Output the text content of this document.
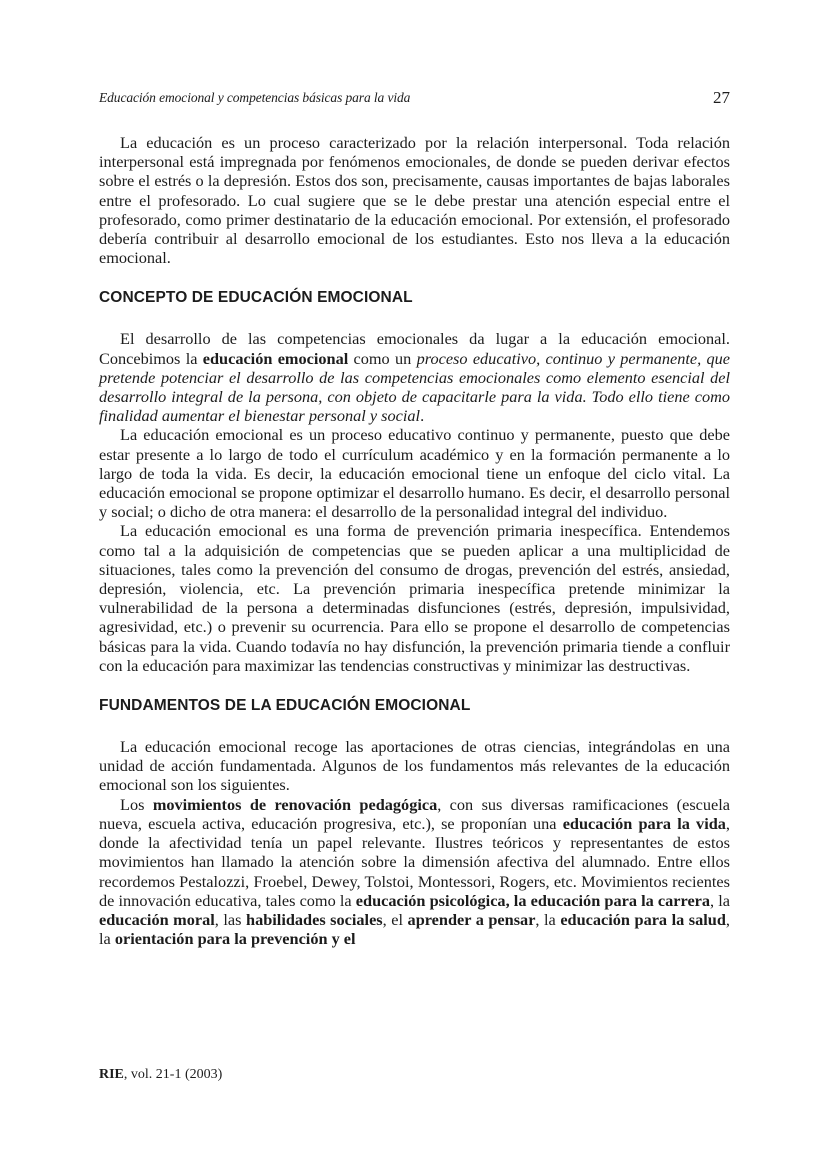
Educación emocional y competencias básicas para la vida	27

La educación es un proceso caracterizado por la relación interpersonal. Toda relación interpersonal está impregnada por fenómenos emocionales, de donde se pueden derivar efectos sobre el estrés o la depresión. Estos dos son, precisamente, causas importantes de bajas laborales entre el profesorado. Lo cual sugiere que se le debe prestar una atención especial entre el profesorado, como primer destinatario de la educación emocional. Por extensión, el profesorado debería contribuir al desarrollo emocional de los estudiantes. Esto nos lleva a la educación emocional.

CONCEPTO DE EDUCACIÓN EMOCIONAL

El desarrollo de las competencias emocionales da lugar a la educación emocional. Concebimos la educación emocional como un proceso educativo, continuo y permanente, que pretende potenciar el desarrollo de las competencias emocionales como elemento esencial del desarrollo integral de la persona, con objeto de capacitarle para la vida. Todo ello tiene como finalidad aumentar el bienestar personal y social.

La educación emocional es un proceso educativo continuo y permanente, puesto que debe estar presente a lo largo de todo el currículum académico y en la formación permanente a lo largo de toda la vida. Es decir, la educación emocional tiene un enfoque del ciclo vital. La educación emocional se propone optimizar el desarrollo humano. Es decir, el desarrollo personal y social; o dicho de otra manera: el desarrollo de la personalidad integral del individuo.

La educación emocional es una forma de prevención primaria inespecífica. Entendemos como tal a la adquisición de competencias que se pueden aplicar a una multiplicidad de situaciones, tales como la prevención del consumo de drogas, prevención del estrés, ansiedad, depresión, violencia, etc. La prevención primaria inespecífica pretende minimizar la vulnerabilidad de la persona a determinadas disfunciones (estrés, depresión, impulsividad, agresividad, etc.) o prevenir su ocurrencia. Para ello se propone el desarrollo de competencias básicas para la vida. Cuando todavía no hay disfunción, la prevención primaria tiende a confluir con la educación para maximizar las tendencias constructivas y minimizar las destructivas.

FUNDAMENTOS DE LA EDUCACIÓN EMOCIONAL

La educación emocional recoge las aportaciones de otras ciencias, integrándolas en una unidad de acción fundamentada. Algunos de los fundamentos más relevantes de la educación emocional son los siguientes.

Los movimientos de renovación pedagógica, con sus diversas ramificaciones (escuela nueva, escuela activa, educación progresiva, etc.), se proponían una educación para la vida, donde la afectividad tenía un papel relevante. Ilustres teóricos y representantes de estos movimientos han llamado la atención sobre la dimensión afectiva del alumnado. Entre ellos recordemos Pestalozzi, Froebel, Dewey, Tolstoi, Montessori, Rogers, etc. Movimientos recientes de innovación educativa, tales como la educación psicológica, la educación para la carrera, la educación moral, las habilidades sociales, el aprender a pensar, la educación para la salud, la orientación para la prevención y el

RIE, vol. 21-1 (2003)
